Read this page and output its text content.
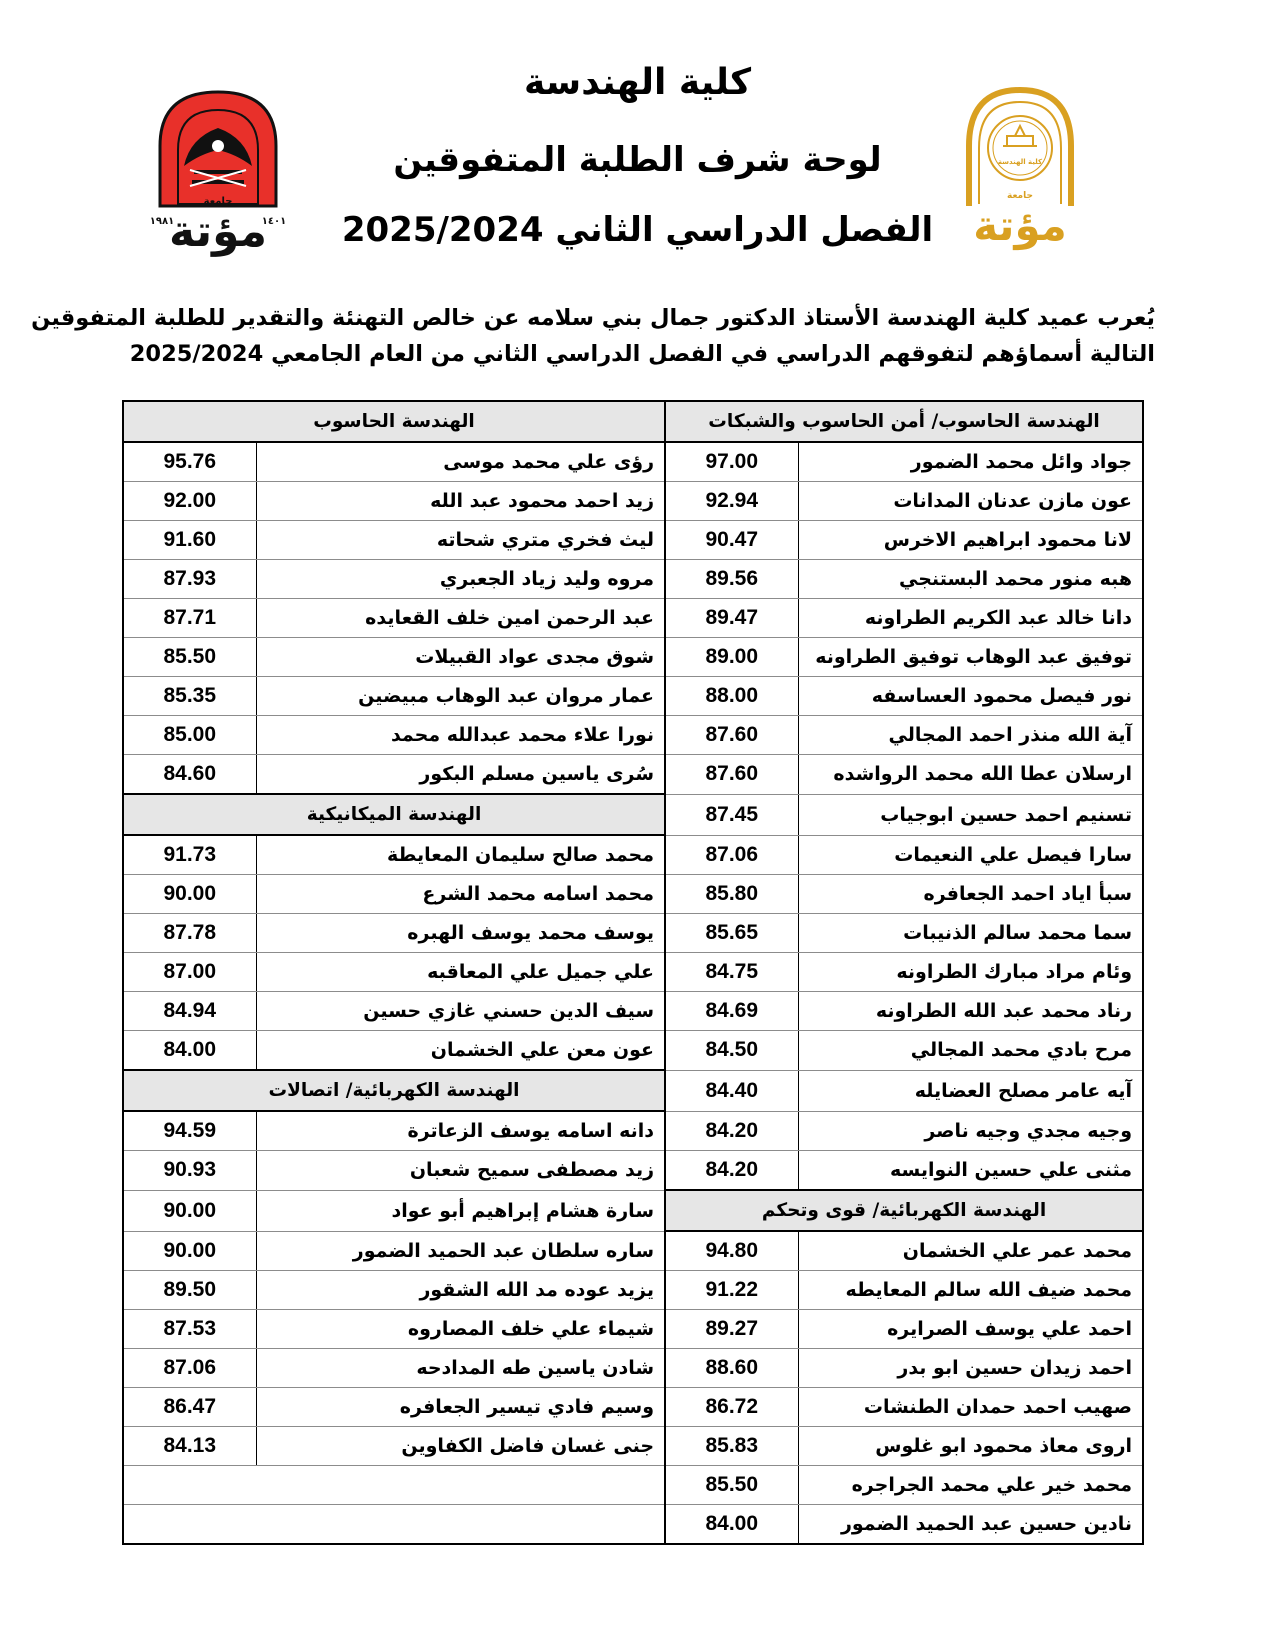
كلية الهندسة
لوحة شرف الطلبة المتفوقين
الفصل الدراسي الثاني 2025/2024
جامعة
مؤتة
١٩٨١	١٤٠١
كلية الهندسة
جامعة
مؤتة
يُعرب عميد كلية الهندسة الأستاذ الدكتور جمال بني سلامه عن خالص التهنئة والتقدير للطلبة المتفوقين
التالية أسماؤهم لتفوقهم الدراسي في الفصل الدراسي الثاني من العام الجامعي 2025/2024
الهندسة الحاسوب/ أمن الحاسوب والشبكات		الهندسة الحاسوب	
جواد وائل محمد الضمور	97.00	رؤى علي محمد موسى	95.76
عون مازن عدنان المدانات	92.94	زيد احمد محمود عبد الله	92.00
لانا محمود ابراهيم الاخرس	90.47	ليث فخري متري شحاته	91.60
هبه منور محمد البستنجي	89.56	مروه وليد زياد الجعبري	87.93
دانا خالد عبد الكريم الطراونه	89.47	عبد الرحمن امين خلف القعايده	87.71
توفيق عبد الوهاب توفيق الطراونه	89.00	شوق مجدى عواد القبيلات	85.50
نور فيصل محمود العساسفه	88.00	عمار مروان عبد الوهاب مبيضين	85.35
آية الله منذر احمد المجالي	87.60	نورا علاء محمد عبدالله محمد	85.00
ارسلان عطا الله محمد الرواشده	87.60	سُرى ياسين مسلم البكور	84.60
تسنيم احمد حسين ابوجياب	87.45	الهندسة الميكانيكية	
سارا فيصل علي النعيمات	87.06	محمد صالح سليمان المعايطة	91.73
سبأ اياد احمد الجعافره	85.80	محمد اسامه محمد الشرع	90.00
سما محمد سالم الذنيبات	85.65	يوسف محمد يوسف الهبره	87.78
وئام مراد مبارك الطراونه	84.75	علي جميل علي المعاقبه	87.00
رناد محمد عبد الله الطراونه	84.69	سيف الدين حسني غازي حسين	84.94
مرح بادي محمد المجالي	84.50	عون معن علي الخشمان	84.00
آيه عامر مصلح العضايله	84.40	الهندسة الكهربائية/ اتصالات	
وجيه مجدي وجيه ناصر	84.20	دانه اسامه يوسف الزعاترة	94.59
مثنى علي حسين النوايسه	84.20	زيد مصطفى سميح شعبان	90.93
الهندسة الكهربائية/ قوى وتحكم		سارة هشام إبراهيم أبو عواد	90.00
محمد عمر علي الخشمان	94.80	ساره سلطان عبد الحميد الضمور	90.00
محمد ضيف الله سالم المعايطه	91.22	يزيد عوده مد الله الشقور	89.50
احمد علي يوسف الصرايره	89.27	شيماء علي خلف المصاروه	87.53
احمد زيدان حسين ابو بدر	88.60	شادن ياسين طه المدادحه	87.06
صهيب احمد حمدان الطنشات	86.72	وسيم فادي تيسير الجعافره	86.47
اروى معاذ محمود ابو غلوس	85.83	جنى غسان فاضل الكفاوين	84.13
محمد خير علي محمد الجراجره	85.50		
نادين حسين عبد الحميد الضمور	84.00		
